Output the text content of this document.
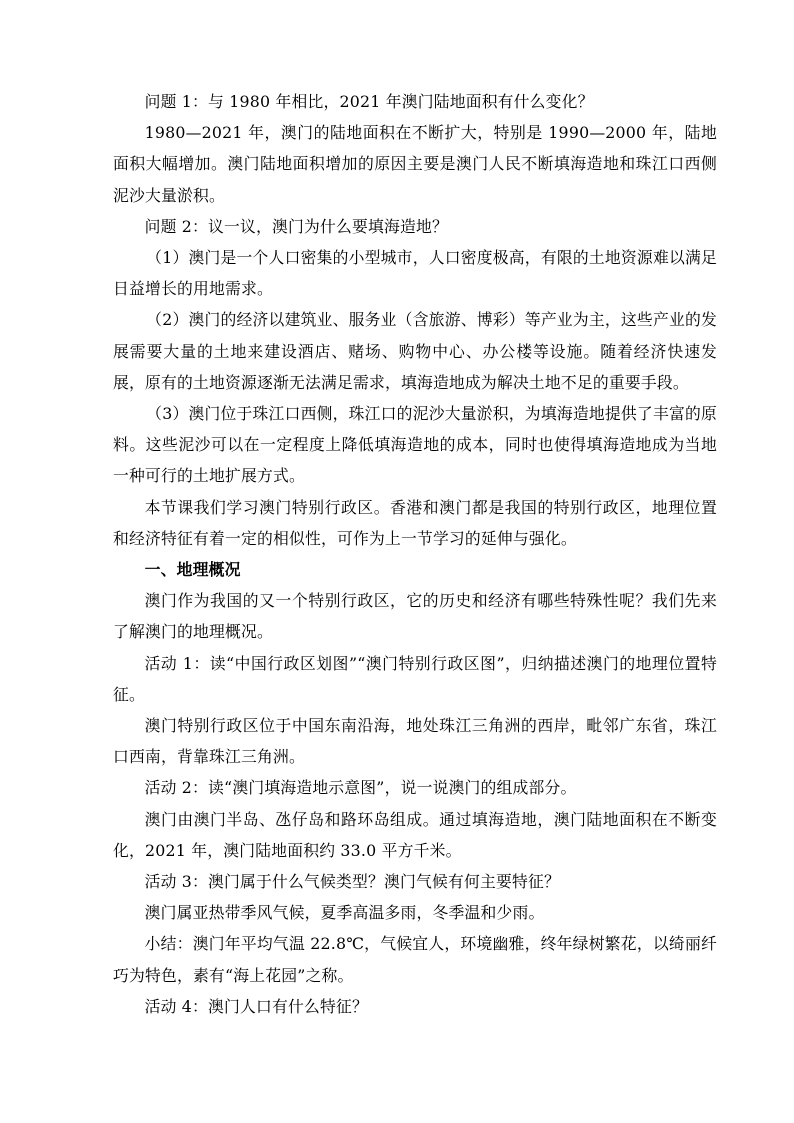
问题 1：与 1980 年相比，2021 年澳门陆地面积有什么变化？

1980—2021 年，澳门的陆地面积在不断扩大，特别是 1990—2000 年，陆地面积大幅增加。澳门陆地面积增加的原因主要是澳门人民不断填海造地和珠江口西侧泥沙大量淤积。

问题 2：议一议，澳门为什么要填海造地？

（1）澳门是一个人口密集的小型城市，人口密度极高，有限的土地资源难以满足日益增长的用地需求。

（2）澳门的经济以建筑业、服务业（含旅游、博彩）等产业为主，这些产业的发展需要大量的土地来建设酒店、赌场、购物中心、办公楼等设施。随着经济快速发展，原有的土地资源逐渐无法满足需求，填海造地成为解决土地不足的重要手段。

（3）澳门位于珠江口西侧，珠江口的泥沙大量淤积，为填海造地提供了丰富的原料。这些泥沙可以在一定程度上降低填海造地的成本，同时也使得填海造地成为当地一种可行的土地扩展方式。

本节课我们学习澳门特别行政区。香港和澳门都是我国的特别行政区，地理位置和经济特征有着一定的相似性，可作为上一节学习的延伸与强化。

一、地理概况

澳门作为我国的又一个特别行政区，它的历史和经济有哪些特殊性呢？我们先来了解澳门的地理概况。

活动 1：读“中国行政区划图”“澳门特别行政区图”，归纳描述澳门的地理位置特征。

澳门特别行政区位于中国东南沿海，地处珠江三角洲的西岸，毗邻广东省，珠江口西南，背靠珠江三角洲。

活动 2：读“澳门填海造地示意图”，说一说澳门的组成部分。

澳门由澳门半岛、氹仔岛和路环岛组成。通过填海造地，澳门陆地面积在不断变化，2021 年，澳门陆地面积约 33.0 平方千米。

活动 3：澳门属于什么气候类型？澳门气候有何主要特征？

澳门属亚热带季风气候，夏季高温多雨，冬季温和少雨。

小结：澳门年平均气温 22.8℃，气候宜人，环境幽雅，终年绿树繁花，以绮丽纤巧为特色，素有“海上花园”之称。

活动 4：澳门人口有什么特征？
